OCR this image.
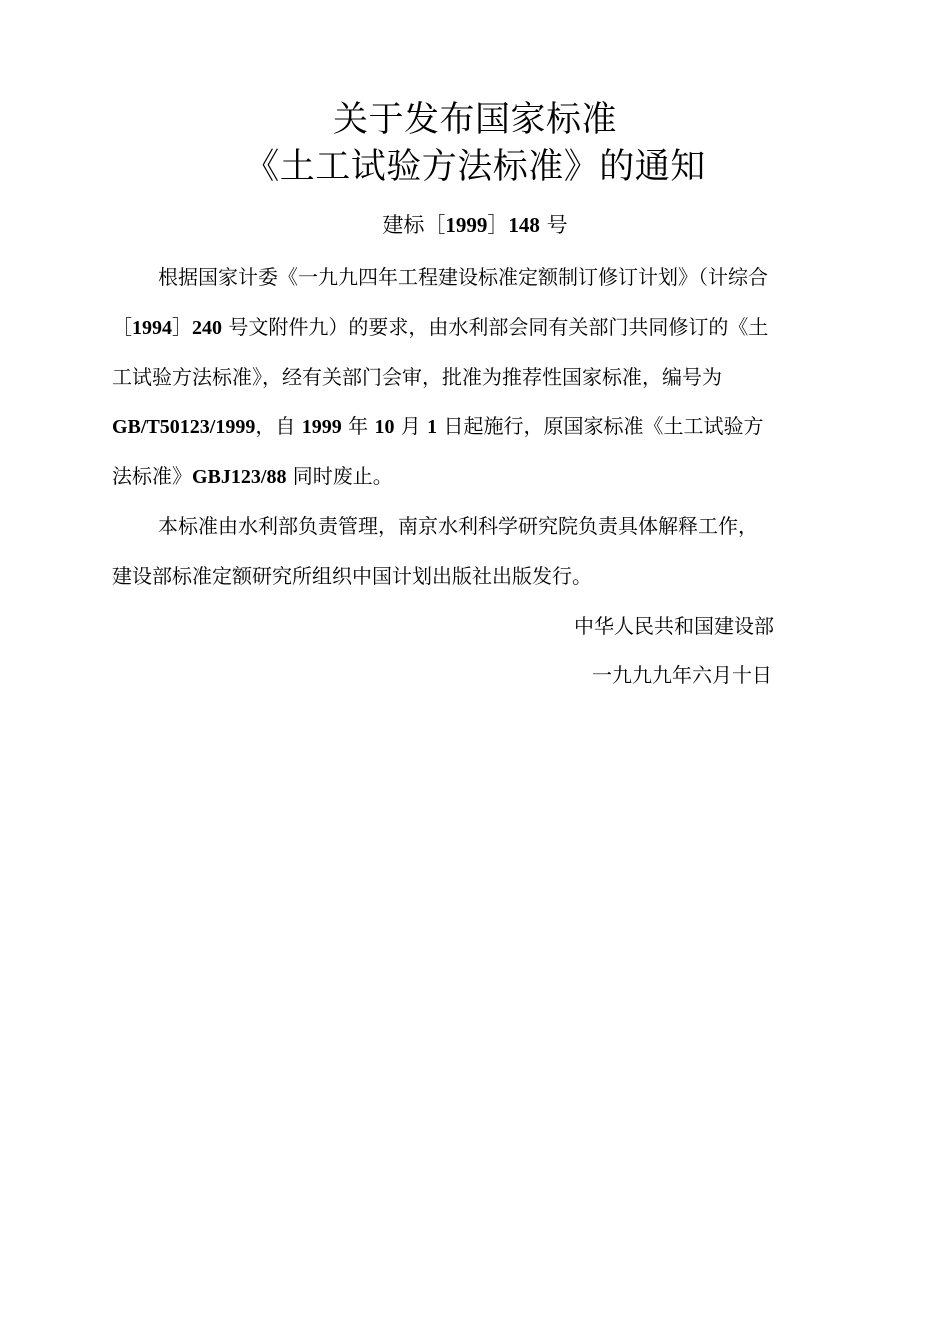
关于发布国家标准
《土工试验方法标准》的通知
建标［1999］148 号
根据国家计委《一九九四年工程建设标准定额制订修订计划》（计综合
［1994］240 号文附件九）的要求，由水利部会同有关部门共同修订的《土
工试验方法标准》，经有关部门会审，批准为推荐性国家标准，编号为
GB/T50123/1999，自 1999 年 10 月 1 日起施行，原国家标准《土工试验方
法标准》GBJ123/88 同时废止。
本标准由水利部负责管理，南京水利科学研究院负责具体解释工作，
建设部标准定额研究所组织中国计划出版社出版发行。
中华人民共和国建设部
一九九九年六月十日
